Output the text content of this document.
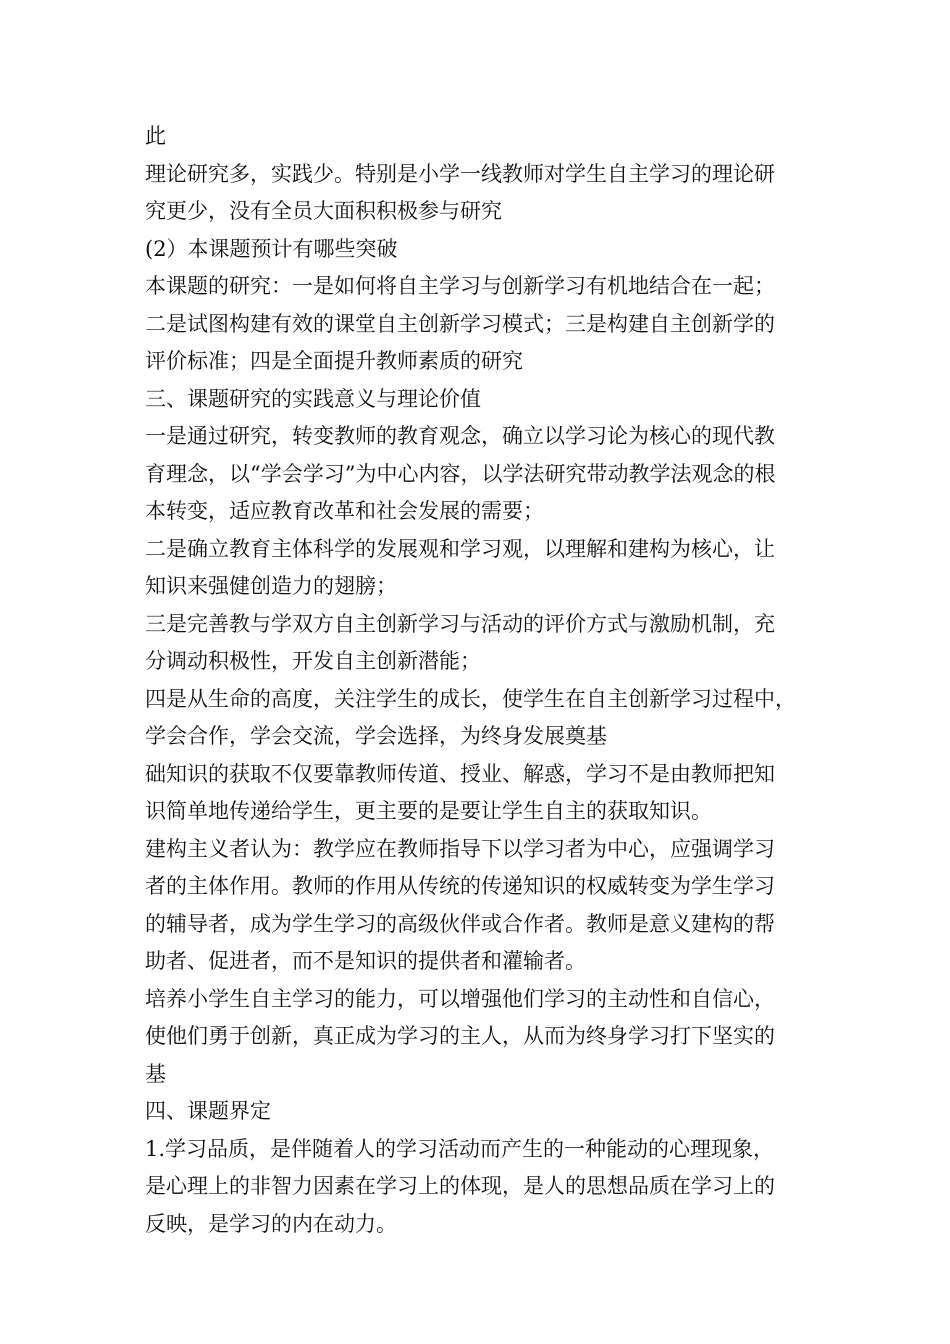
此
理论研究多，实践少。特别是小学一线教师对学生自主学习的理论研
究更少，没有全员大面积积极参与研究
(2）本课题预计有哪些突破
本课题的研究：一是如何将自主学习与创新学习有机地结合在一起；
二是试图构建有效的课堂自主创新学习模式；三是构建自主创新学的
评价标准；四是全面提升教师素质的研究
三、课题研究的实践意义与理论价值
一是通过研究，转变教师的教育观念，确立以学习论为核心的现代教
育理念，以“学会学习”为中心内容，以学法研究带动教学法观念的根
本转变，适应教育改革和社会发展的需要；
二是确立教育主体科学的发展观和学习观，以理解和建构为核心，让
知识来强健创造力的翅膀；
三是完善教与学双方自主创新学习与活动的评价方式与激励机制，充
分调动积极性，开发自主创新潜能；
四是从生命的高度，关注学生的成长，使学生在自主创新学习过程中，
学会合作，学会交流，学会选择，为终身发展奠基
础知识的获取不仅要靠教师传道、授业、解惑，学习不是由教师把知
识简单地传递给学生，更主要的是要让学生自主的获取知识。
建构主义者认为：教学应在教师指导下以学习者为中心，应强调学习
者的主体作用。教师的作用从传统的传递知识的权威转变为学生学习
的辅导者，成为学生学习的高级伙伴或合作者。教师是意义建构的帮
助者、促进者，而不是知识的提供者和灌输者。
培养小学生自主学习的能力，可以增强他们学习的主动性和自信心，
使他们勇于创新，真正成为学习的主人，从而为终身学习打下坚实的
基
四、课题界定
1.学习品质，是伴随着人的学习活动而产生的一种能动的心理现象，
是心理上的非智力因素在学习上的体现，是人的思想品质在学习上的
反映，是学习的内在动力。
